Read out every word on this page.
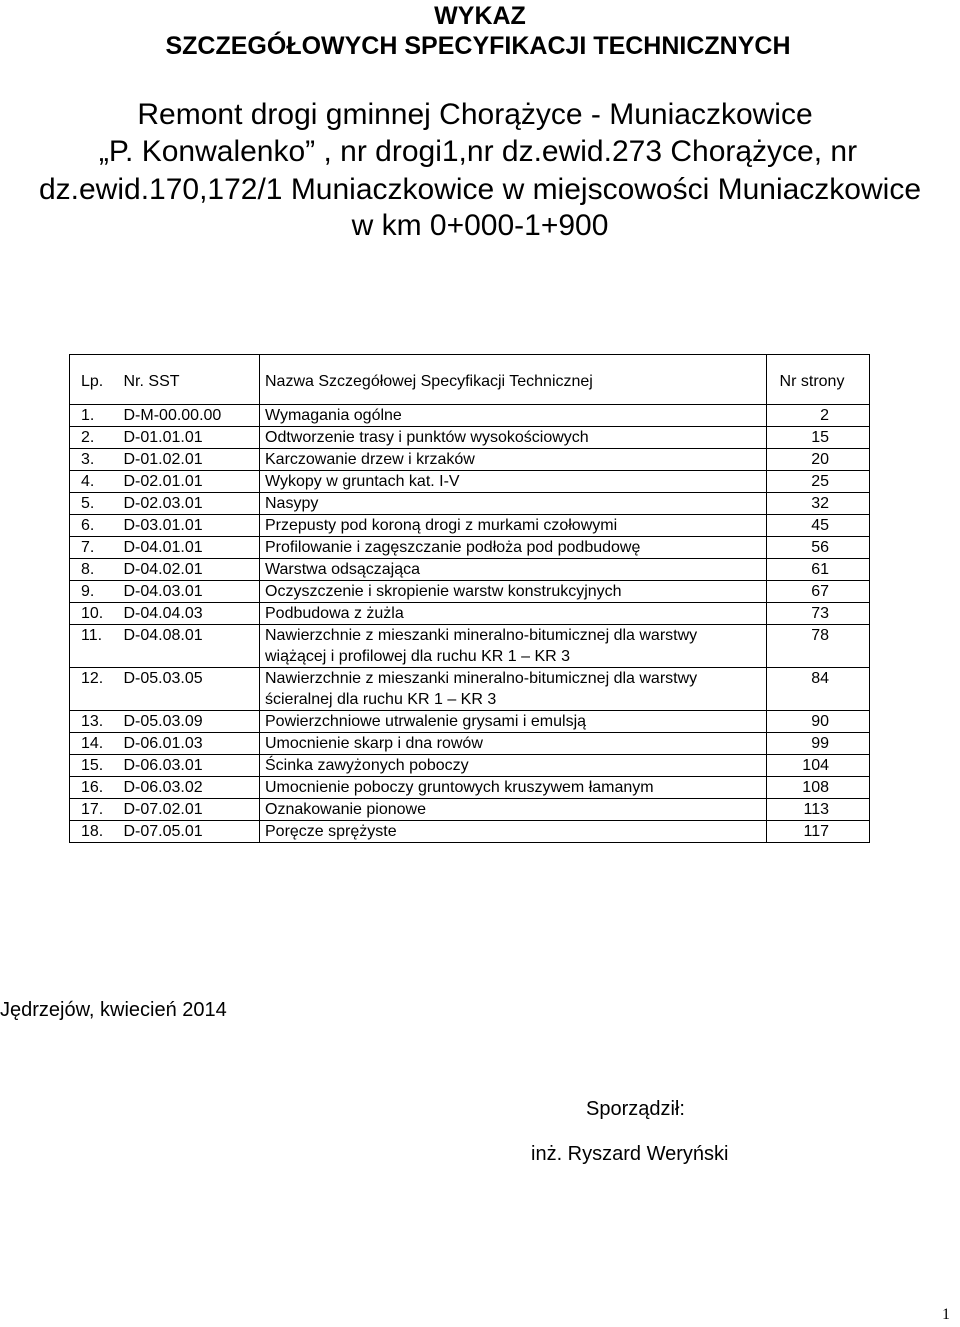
WYKAZ
SZCZEGÓŁOWYCH SPECYFIKACJI TECHNICZNYCH
Remont drogi gminnej Chorążyce - Muniaczkowice
„P. Konwalenko” , nr drogi1,nr dz.ewid.273 Chorążyce, nr
dz.ewid.170,172/1 Muniaczkowice w miejscowości Muniaczkowice
w km 0+000-1+900
Lp.	Nr. SST	Nazwa Szczegółowej Specyfikacji Technicznej	Nr strony
1.	D-M-00.00.00	Wymagania ogólne	2
2.	D-01.01.01	Odtworzenie trasy i punktów wysokościowych	15
3.	D-01.02.01	Karczowanie drzew i krzaków	20
4.	D-02.01.01	Wykopy w gruntach kat. I-V	25
5.	D-02.03.01	Nasypy	32
6.	D-03.01.01	Przepusty pod koroną drogi z murkami czołowymi	45
7.	D-04.01.01	Profilowanie i zagęszczanie podłoża pod podbudowę	56
8.	D-04.02.01	Warstwa odsączająca	61
9.	D-04.03.01	Oczyszczenie i skropienie warstw konstrukcyjnych	67
10.	D-04.04.03	Podbudowa z żużla	73
11.	D-04.08.01	Nawierzchnie z mieszanki mineralno-bitumicznej dla warstwy
wiążącej i profilowej dla ruchu KR 1 – KR 3	78
12.	D-05.03.05	Nawierzchnie z mieszanki mineralno-bitumicznej dla warstwy
ścieralnej dla ruchu KR 1 – KR 3	84
13.	D-05.03.09	Powierzchniowe utrwalenie grysami i emulsją	90
14.	D-06.01.03	Umocnienie skarp i dna rowów	99
15.	D-06.03.01	Ścinka zawyżonych poboczy	104
16.	D-06.03.02	Umocnienie poboczy gruntowych kruszywem łamanym	108
17.	D-07.02.01	Oznakowanie pionowe	113
18.	D-07.05.01	Poręcze sprężyste	117
Jędrzejów, kwiecień 2014
Sporządził:
inż. Ryszard Weryński
1
